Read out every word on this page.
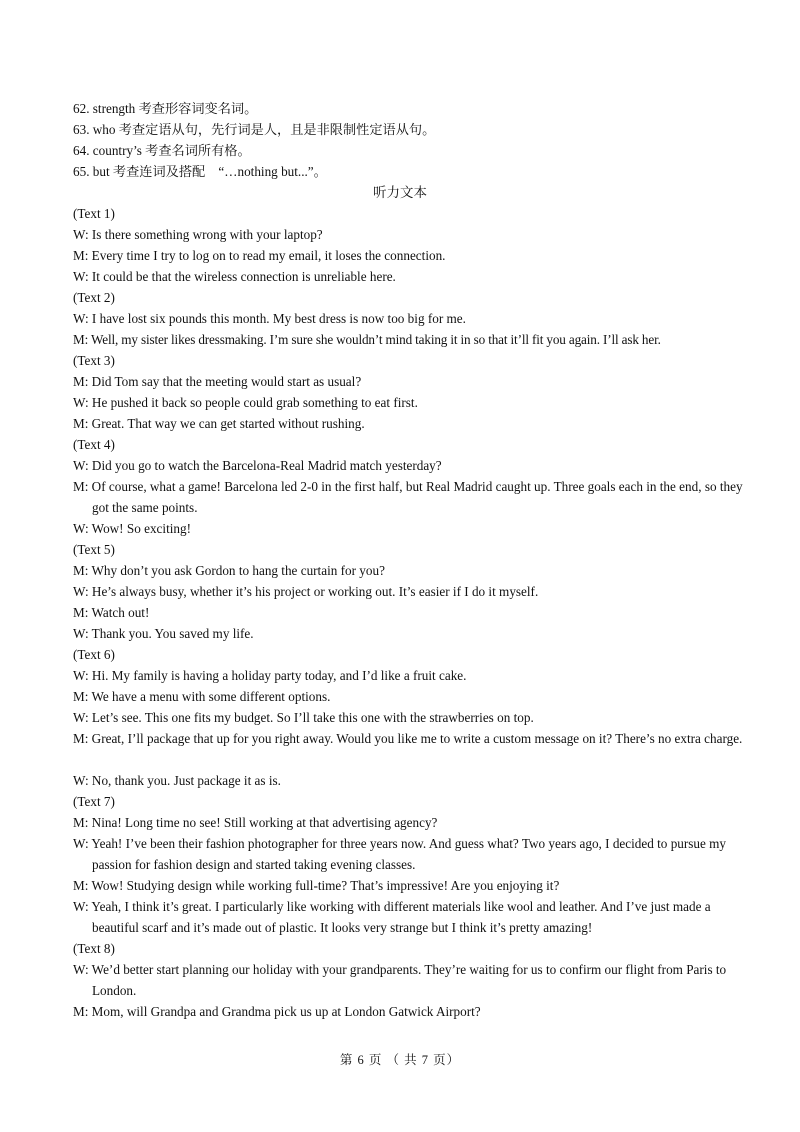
62. strength 考查形容词变名词。
63. who 考查定语从句，先行词是人，且是非限制性定语从句。
64. country’s 考查名词所有格。
65. but 考查连词及搭配　“…nothing but...”。
听力文本
(Text 1)
W: Is there something wrong with your laptop?
M: Every time I try to log on to read my email, it loses the connection.
W: It could be that the wireless connection is unreliable here.
(Text 2)
W: I have lost six pounds this month. My best dress is now too big for me.
M: Well, my sister likes dressmaking. I’m sure she wouldn’t mind taking it in so that it’ll fit you again. I’ll ask her.
(Text 3)
M: Did Tom say that the meeting would start as usual?
W: He pushed it back so people could grab something to eat first.
M: Great. That way we can get started without rushing.
(Text 4)
W: Did you go to watch the Barcelona-Real Madrid match yesterday?
M: Of course, what a game! Barcelona led 2-0 in the first half, but Real Madrid caught up. Three goals each in the end, so they got the same points.
W: Wow! So exciting!
(Text 5)
M: Why don’t you ask Gordon to hang the curtain for you?
W: He’s always busy, whether it’s his project or working out. It’s easier if I do it myself.
M: Watch out!
W: Thank you. You saved my life.
(Text 6)
W: Hi. My family is having a holiday party today, and I’d like a fruit cake.
M: We have a menu with some different options.
W: Let’s see. This one fits my budget. So I’ll take this one with the strawberries on top.
M: Great, I’ll package that up for you right away. Would you like me to write a custom message on it? There’s no extra charge.
W: No, thank you. Just package it as is.
(Text 7)
M: Nina! Long time no see! Still working at that advertising agency?
W: Yeah! I’ve been their fashion photographer for three years now. And guess what? Two years ago, I decided to pursue my passion for fashion design and started taking evening classes.
M: Wow! Studying design while working full-time? That’s impressive! Are you enjoying it?
W: Yeah, I think it’s great. I particularly like working with different materials like wool and leather. And I’ve just made a beautiful scarf and it’s made out of plastic. It looks very strange but I think it’s pretty amazing!
(Text 8)
W: We’d better start planning our holiday with your grandparents. They’re waiting for us to confirm our flight from Paris to London.
M: Mom, will Grandpa and Grandma pick us up at London Gatwick Airport?
第 6 页 （ 共 7 页）
